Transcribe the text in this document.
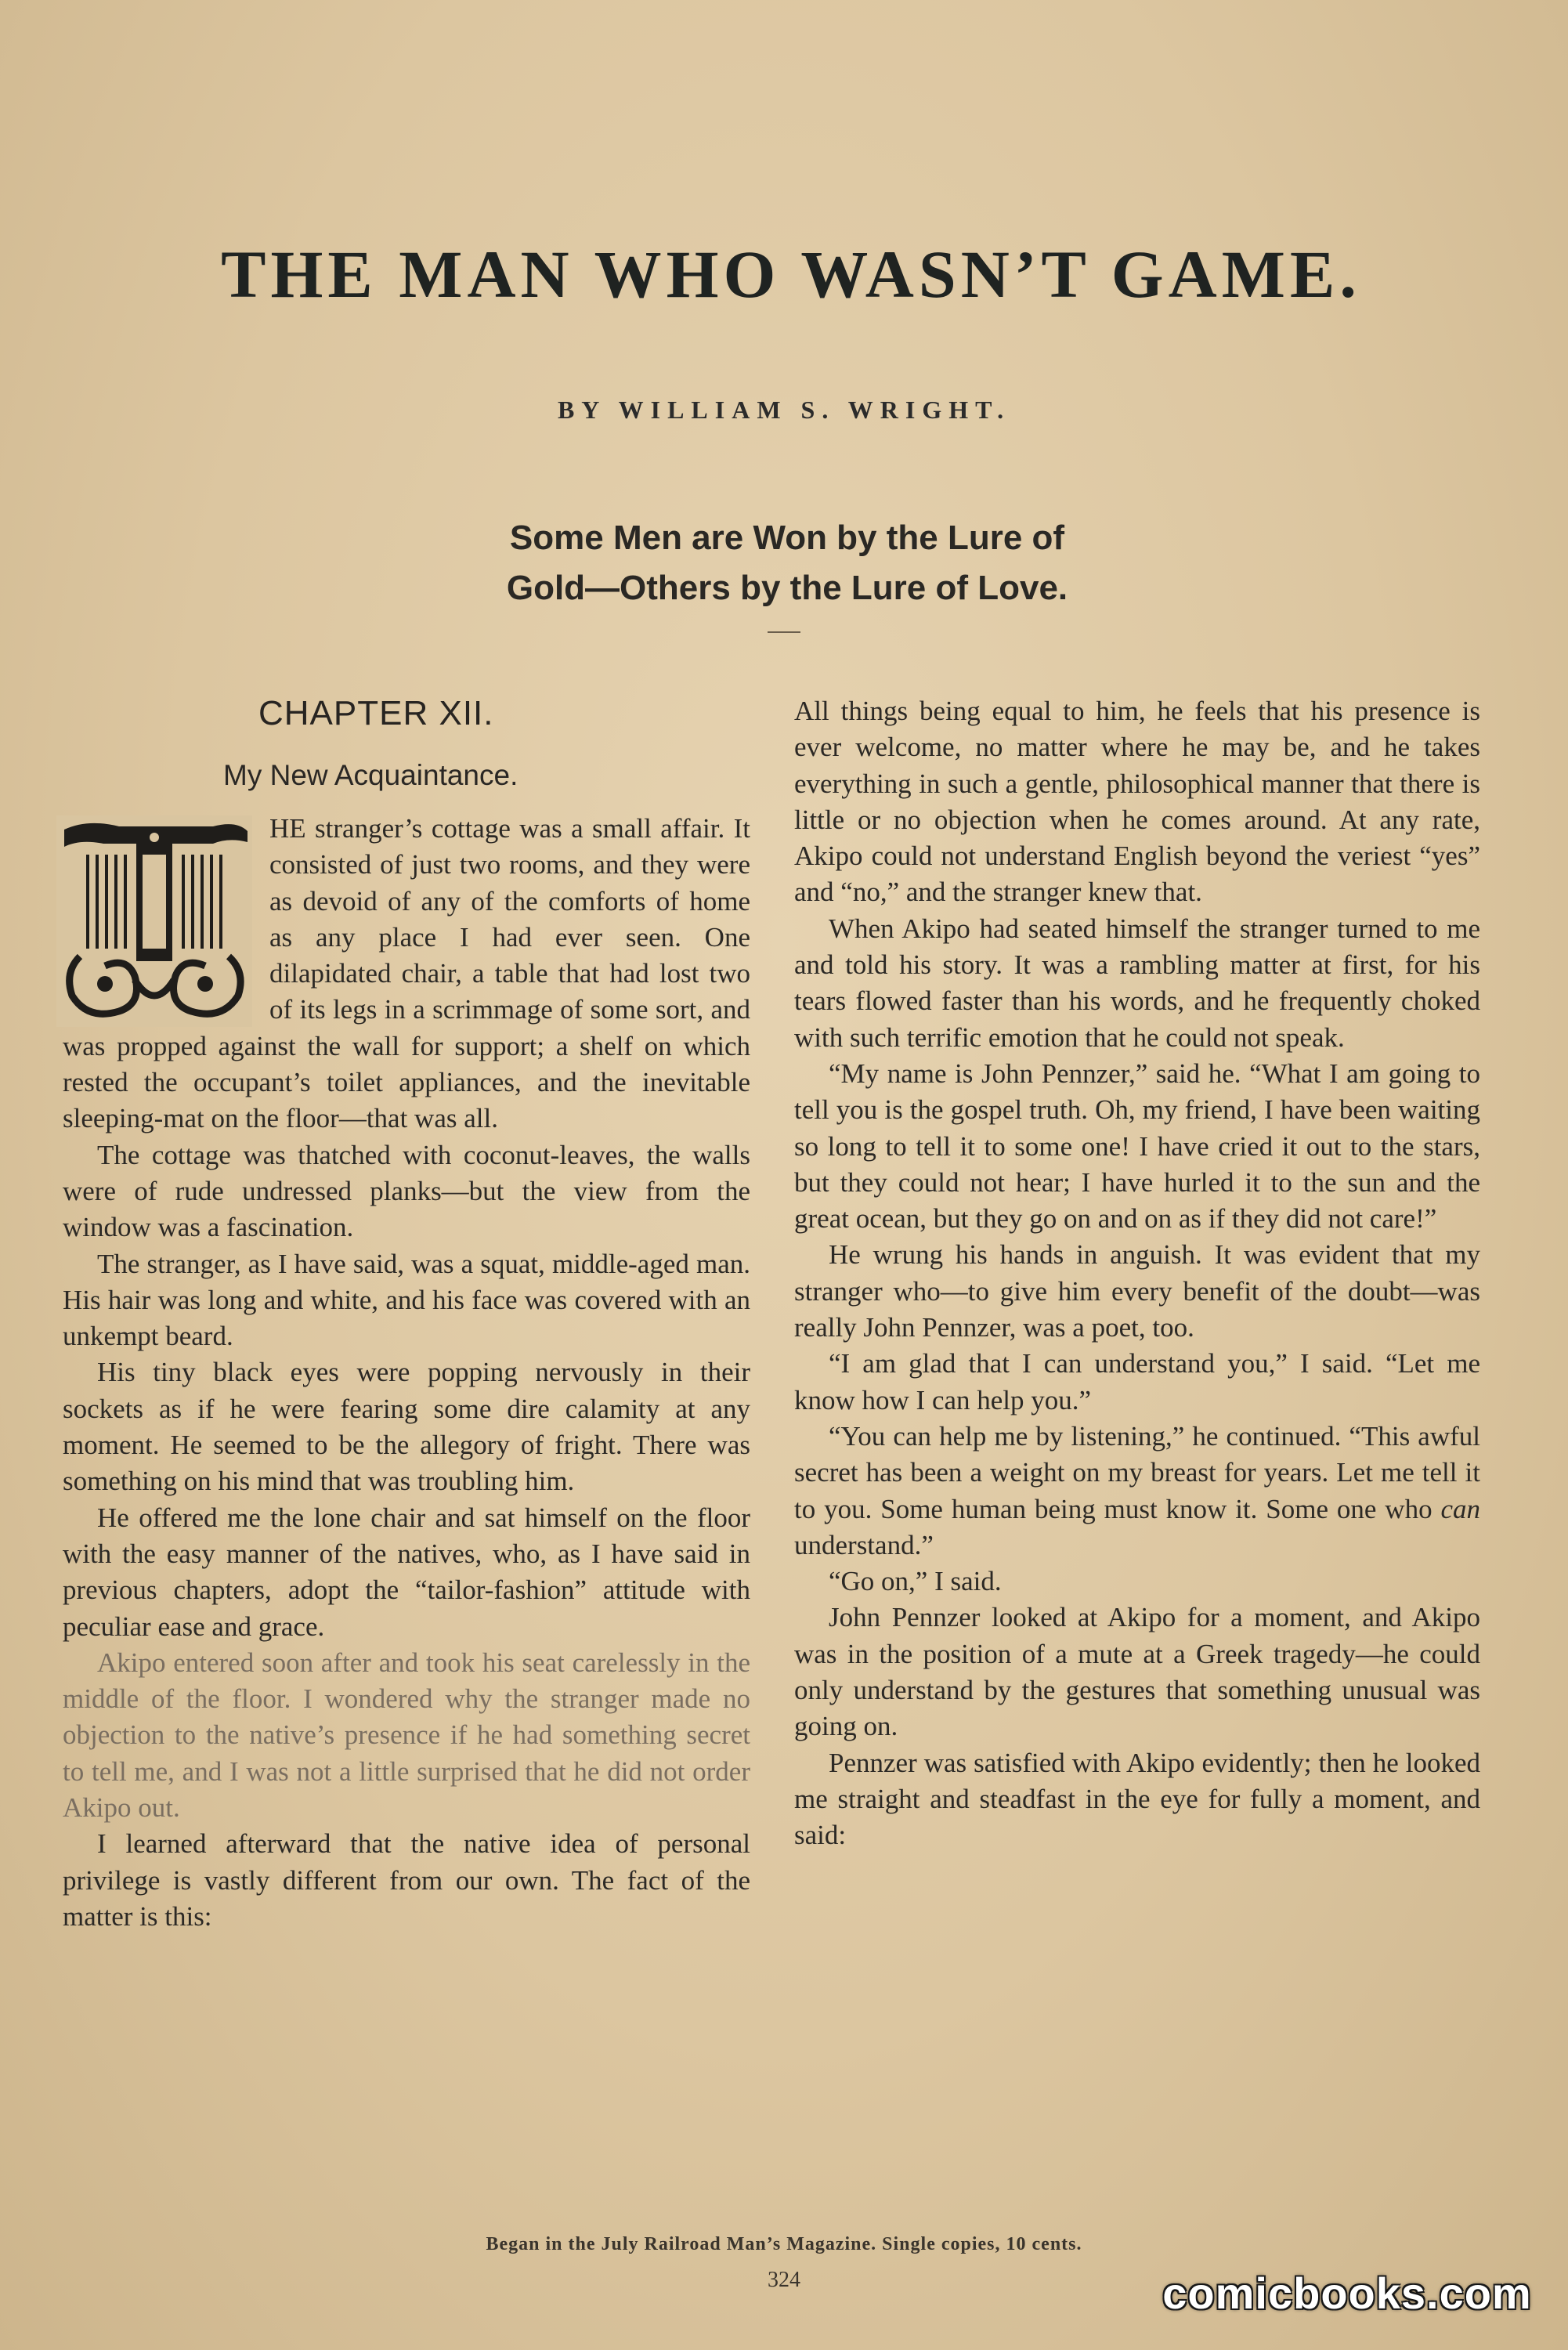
THE MAN WHO WASN’T GAME.
BY WILLIAM S. WRIGHT.
Some Men are Won by the Lure of
Gold—Others by the Lure of Love.
CHAPTER XII.
My New Acquaintance.

HE stranger’s cottage was a small affair. It consisted of just two rooms, and they were as devoid of any of the comforts of home as any place I had ever seen. One dilapidated chair, a table that had lost two of its legs in a scrimmage of some sort, and was propped against the wall for support; a shelf on which rested the occupant’s toilet appliances, and the inevitable sleeping-mat on the floor—that was all.

The cottage was thatched with coconut-leaves, the walls were of rude undressed planks—but the view from the window was a fascination.

The stranger, as I have said, was a squat, middle-aged man. His hair was long and white, and his face was covered with an unkempt beard.

His tiny black eyes were popping nervously in their sockets as if he were fearing some dire calamity at any moment. He seemed to be the allegory of fright. There was something on his mind that was troubling him.

He offered me the lone chair and sat himself on the floor with the easy manner of the natives, who, as I have said in previous chapters, adopt the “tailor-fashion” attitude with peculiar ease and grace.

Akipo entered soon after and took his seat carelessly in the middle of the floor. I wondered why the stranger made no objection to the native’s presence if he had something secret to tell me, and I was not a little surprised that he did not order Akipo out.

I learned afterward that the native idea of personal privilege is vastly different from our own. The fact of the matter is this:

All things being equal to him, he feels that his presence is ever welcome, no matter where he may be, and he takes everything in such a gentle, philosophical manner that there is little or no objection when he comes around. At any rate, Akipo could not understand English beyond the veriest “yes” and “no,” and the stranger knew that.

When Akipo had seated himself the stranger turned to me and told his story. It was a rambling matter at first, for his tears flowed faster than his words, and he frequently choked with such terrific emotion that he could not speak.

“My name is John Pennzer,” said he. “What I am going to tell you is the gospel truth. Oh, my friend, I have been waiting so long to tell it to some one! I have cried it out to the stars, but they could not hear; I have hurled it to the sun and the great ocean, but they go on and on as if they did not care!”

He wrung his hands in anguish. It was evident that my stranger who—to give him every benefit of the doubt—was really John Pennzer, was a poet, too.

“I am glad that I can understand you,” I said. “Let me know how I can help you.”

“You can help me by listening,” he continued. “This awful secret has been a weight on my breast for years. Let me tell it to you. Some human being must know it. Some one who can understand.”

“Go on,” I said.

John Pennzer looked at Akipo for a moment, and Akipo was in the position of a mute at a Greek tragedy—he could only understand by the gestures that something unusual was going on.

Pennzer was satisfied with Akipo evidently; then he looked me straight and steadfast in the eye for fully a moment, and said:

Began in the July Railroad Man’s Magazine. Single copies, 10 cents.
324	comicbooks.com
